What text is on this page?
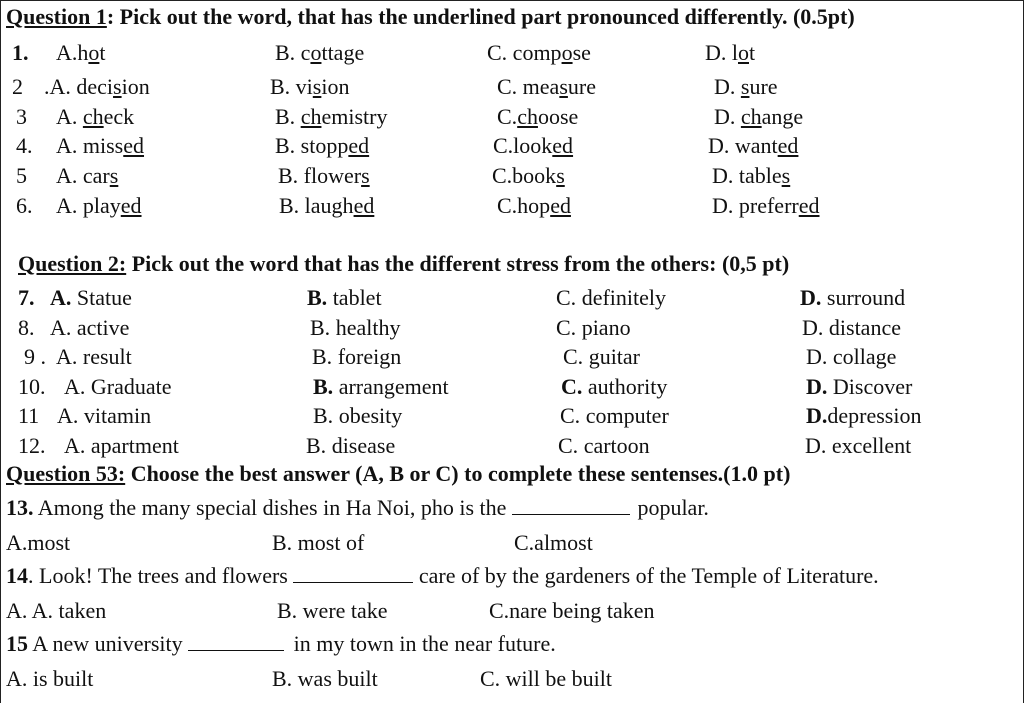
Question 1: Pick out the word, that has the underlined part pronounced differently. (0.5pt)
1. A.hot	B. cottage	C. compose	D. lot
2 .A. decision	B. vision	C. measure	D. sure
3 A. check	B. chemistry	C.choose	D. change
4. A. missed	B. stopped	C.looked	D. wanted
5 A. cars	B. flowers	C.books	D. tables
6. A. played	B. laughed	C.hoped	D. preferred
Question 2: Pick out the word that has the different stress from the others: (0,5 pt)
7. A. Statue	B. tablet	C. definitely	D. surround
8. A. active	B. healthy	C. piano	D. distance
9 . A. result	B. foreign	C. guitar	D. collage
10. A. Graduate	B. arrangement	C. authority	D. Discover
11 A. vitamin	B. obesity	C. computer	D.depression
12. A. apartment	B. disease	C. cartoon	D. excellent
Question 53: Choose the best answer (A, B or C) to complete these sentenses.(1.0 pt)
13. Among the many special dishes in Ha Noi, pho is the	popular.
A.most	B. most of	C.almost
14. Look! The trees and flowers	care of by the gardeners of the Temple of Literature.
A. A. taken	B. were take	C.nare being taken
15 A new university	in my town in the near future.
A. is built	B. was built	C. will be built
